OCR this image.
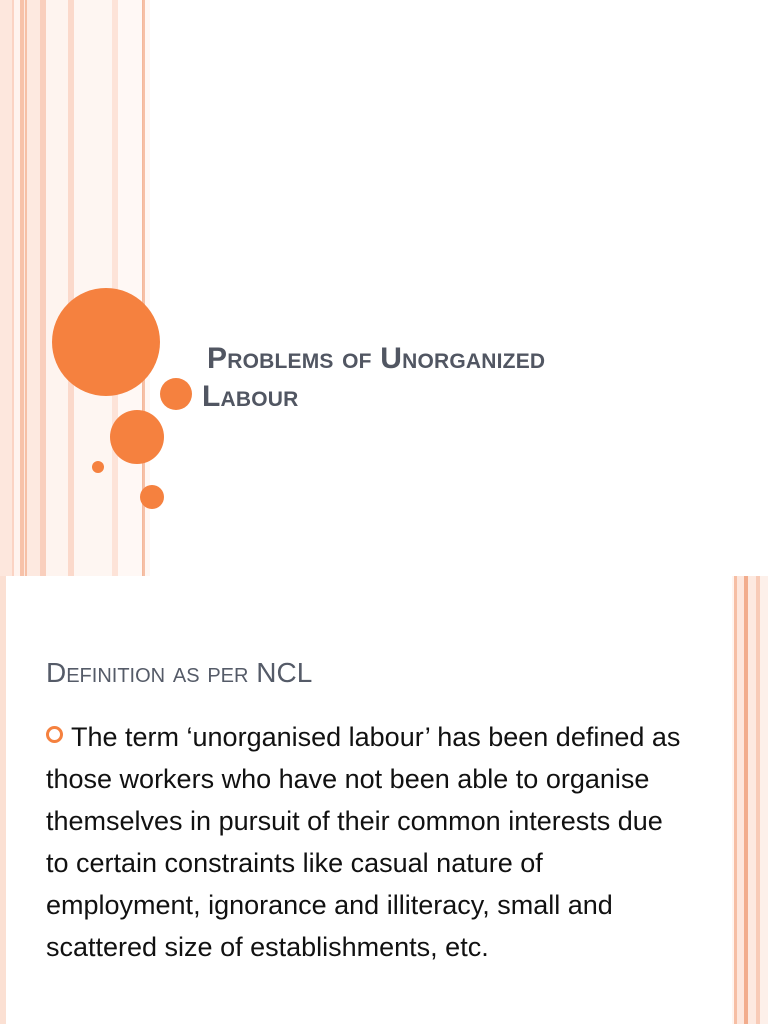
Problems of Unorganized
Labour
Definition as per NCL
The term ‘unorganised labour’ has been defined as those workers who have not been able to organise themselves in pursuit of their common interests due to certain constraints like casual nature of employment, ignorance and illiteracy, small and scattered size of establishments, etc.
